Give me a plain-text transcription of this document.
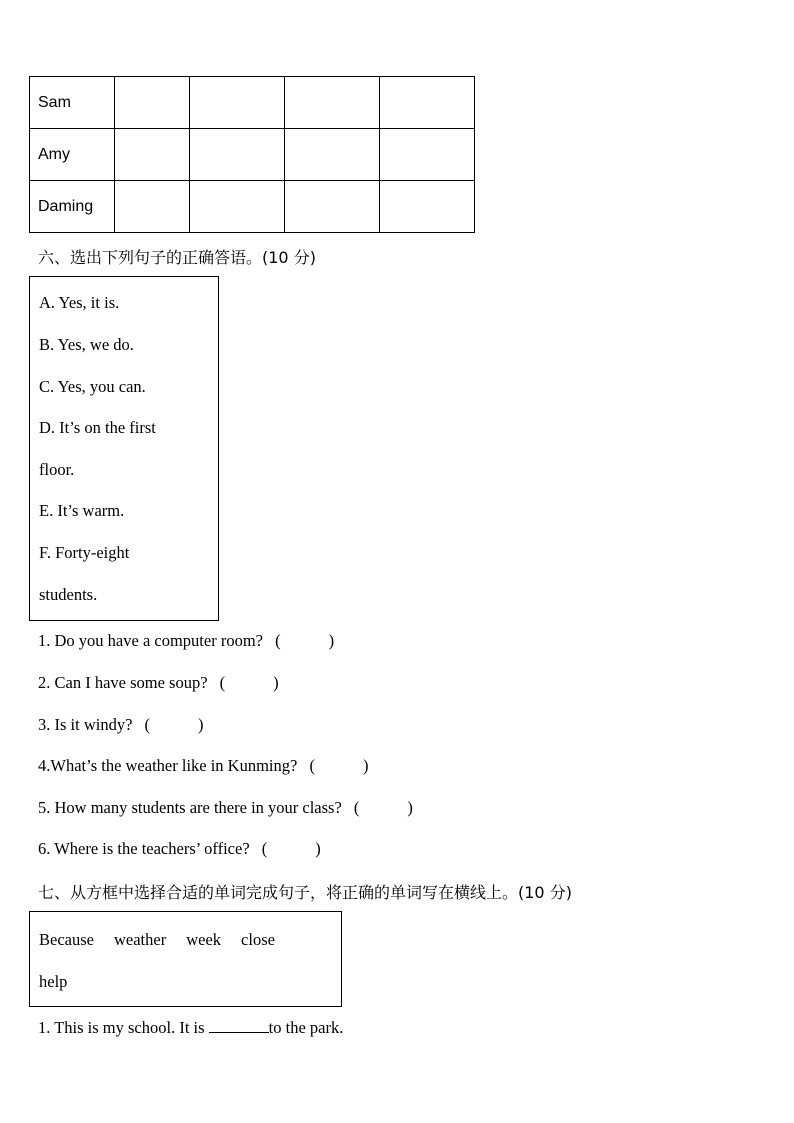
Sam				
Amy				
Daming				
六、选出下列句子的正确答语。(10 分)
A. Yes, it is.
B. Yes, we do.
C. Yes, you can.
D. It’s on the first
floor.
E. It’s warm.
F. Forty-eight
students.
1. Do you have a computer room? (	)
2. Can I have some soup? (	)
3. Is it windy? (	)
4.What’s the weather like in Kunming? (	)
5. How many students are there in your class? (	)
6. Where is the teachers’ office? (	)
七、从方框中选择合适的单词完成句子，将正确的单词写在横线上。(10 分)
Because weather week close
help
1. This is my school. It is	to the park.
